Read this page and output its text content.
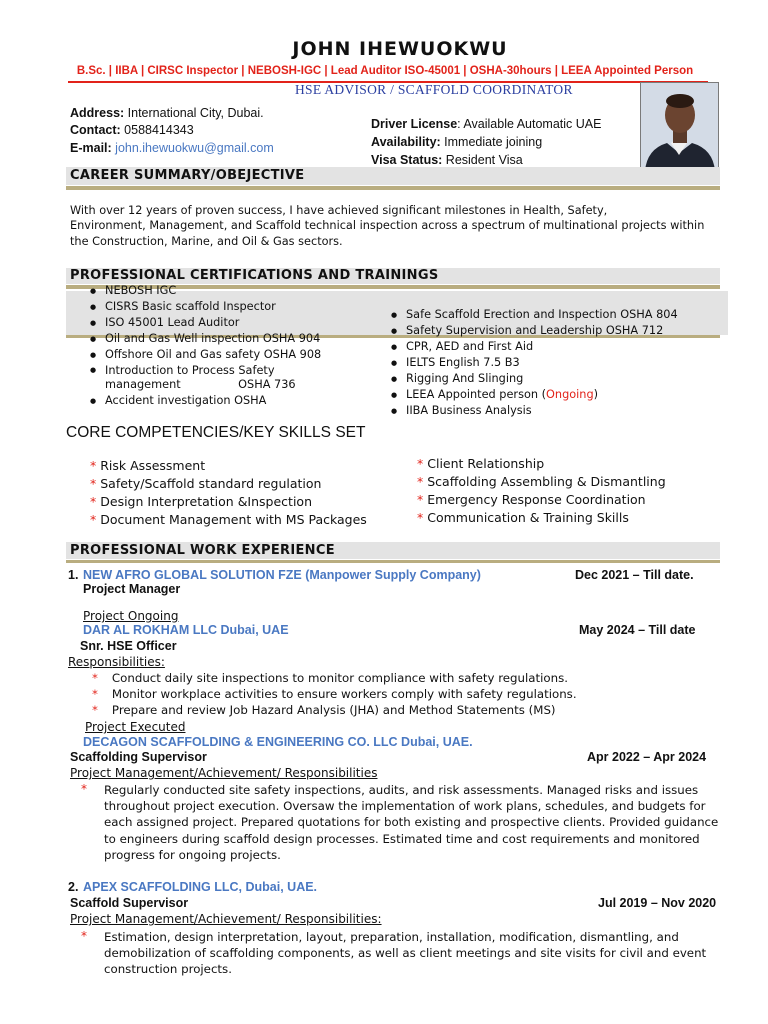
JOHN IHEWUOKWU
B.Sc. | IIBA | CIRSC Inspector | NEBOSH-IGC | Lead Auditor ISO-45001 | OSHA-30hours | LEEA Appointed Person
HSE ADVISOR / SCAFFOLD COORDINATOR
Address: International City, Dubai.
Contact: 0588414343
E-mail: john.ihewuokwu@gmail.com
Driver License: Available Automatic UAE
Availability: Immediate joining
Visa Status: Resident Visa
CAREER SUMMARY/OBEJECTIVE
With over 12 years of proven success, I have achieved significant milestones in Health, Safety,
Environment, Management, and Scaffold technical inspection across a spectrum of multinational projects within
the Construction, Marine, and Oil & Gas sectors.
PROFESSIONAL CERTIFICATIONS AND TRAININGS
● NEBOSH IGC
● CISRS Basic scaffold Inspector
● ISO 45001 Lead Auditor
● Oil and Gas Well inspection OSHA 904
● Offshore Oil and Gas safety OSHA 908
● Introduction to Process Safety
management                OSHA 736
● Accident investigation OSHA
● Safe Scaffold Erection and Inspection OSHA 804
● Safety Supervision and Leadership OSHA 712
● CPR, AED and First Aid
● IELTS English 7.5 B3
● Rigging And Slinging
● LEEA Appointed person (Ongoing)
● IIBA Business Analysis
CORE COMPETENCIES/KEY SKILLS SET
* Risk Assessment
* Safety/Scaffold standard regulation
* Design Interpretation &Inspection
* Document Management with MS Packages
* Client Relationship
* Scaffolding Assembling & Dismantling
* Emergency Response Coordination
* Communication & Training Skills
PROFESSIONAL WORK EXPERIENCE
1. NEW AFRO GLOBAL SOLUTION FZE (Manpower Supply Company)	Dec 2021 – Till date.
Project Manager
Project Ongoing
DAR AL ROKHAM LLC Dubai, UAE	May 2024 – Till date
Snr. HSE Officer
Responsibilities:
* Conduct daily site inspections to monitor compliance with safety regulations.
* Monitor workplace activities to ensure workers comply with safety regulations.
* Prepare and review Job Hazard Analysis (JHA) and Method Statements (MS)
Project Executed
DECAGON SCAFFOLDING & ENGINEERING CO. LLC Dubai, UAE.
Scaffolding Supervisor	Apr 2022 – Apr 2024
Project Management/Achievement/ Responsibilities
* Regularly conducted site safety inspections, audits, and risk assessments. Managed risks and issues
throughout project execution. Oversaw the implementation of work plans, schedules, and budgets for
each assigned project. Prepared quotations for both existing and prospective clients. Provided guidance
to engineers during scaffold design processes. Estimated time and cost requirements and monitored
progress for ongoing projects.
2. APEX SCAFFOLDING LLC, Dubai, UAE.
Scaffold Supervisor	Jul 2019 – Nov 2020
Project Management/Achievement/ Responsibilities:
* Estimation, design interpretation, layout, preparation, installation, modification, dismantling, and
demobilization of scaffolding components, as well as client meetings and site visits for civil and event
construction projects.
